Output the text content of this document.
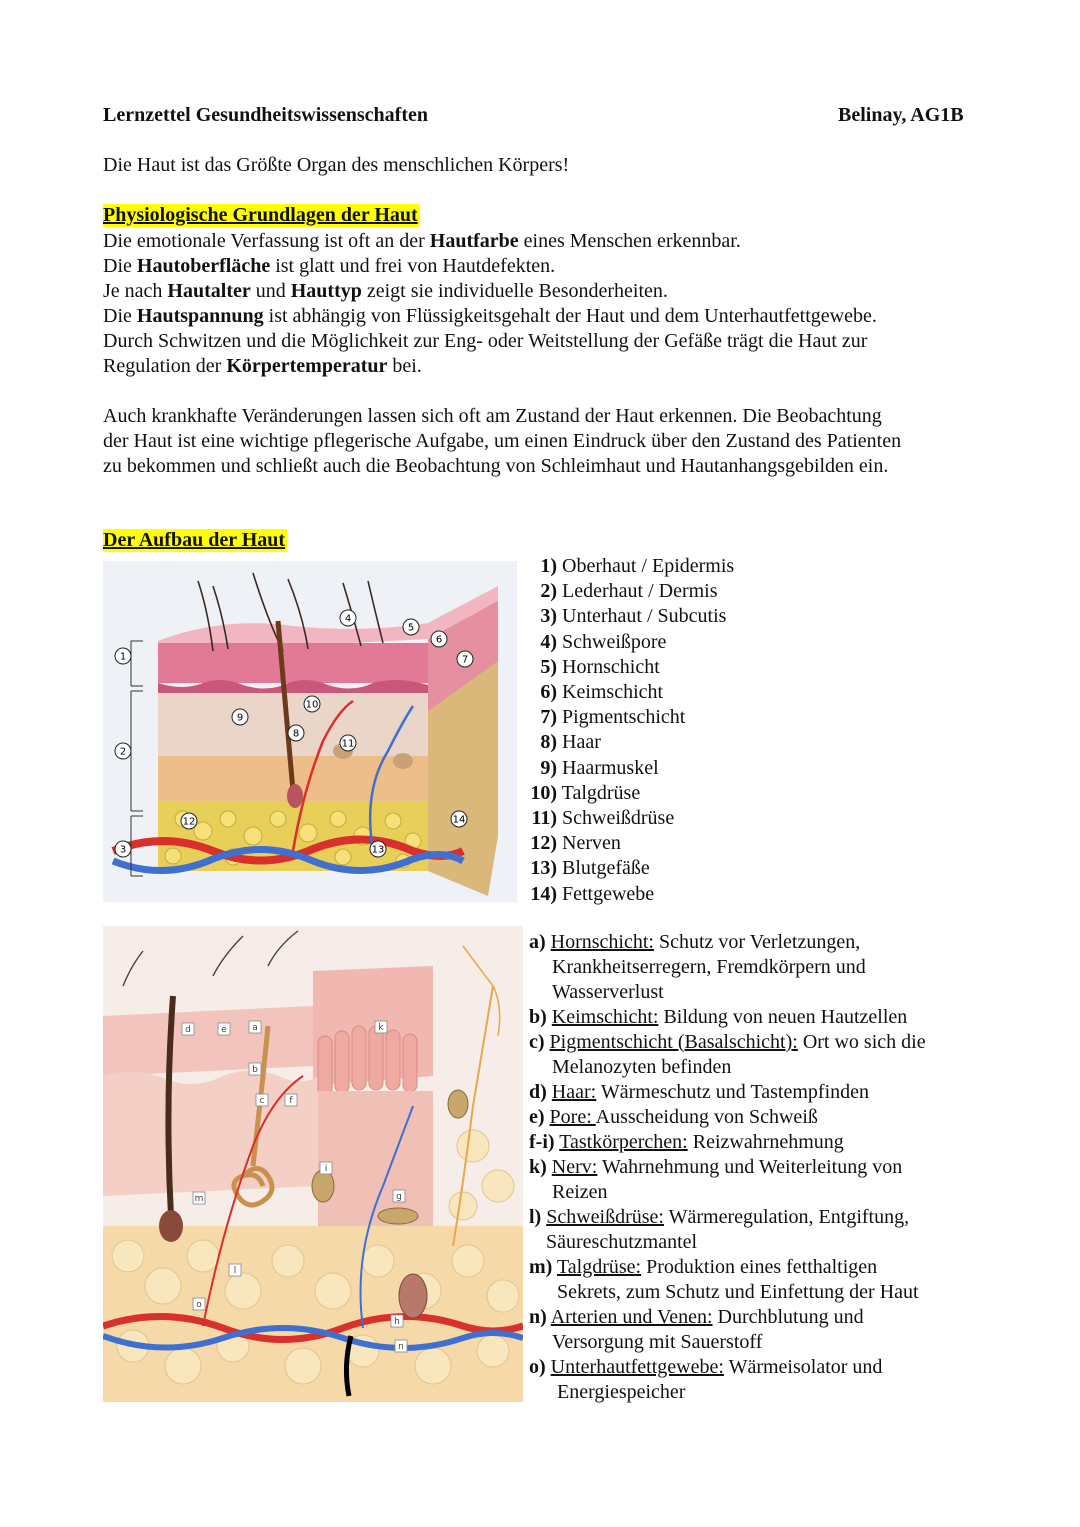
Lernzettel Gesundheitswissenschaften	Belinay, AG1B
Die Haut ist das Größte Organ des menschlichen Körpers!
Physiologische Grundlagen der Haut
Die emotionale Verfassung ist oft an der Hautfarbe eines Menschen erkennbar.
Die Hautoberfläche ist glatt und frei von Hautdefekten.
Je nach Hautalter und Hauttyp zeigt sie individuelle Besonderheiten.
Die Hautspannung ist abhängig von Flüssigkeitsgehalt der Haut und dem Unterhautfettgewebe.
Durch Schwitzen und die Möglichkeit zur Eng- oder Weitstellung der Gefäße trägt die Haut zur
Regulation der Körpertemperatur bei.
Auch krankhafte Veränderungen lassen sich oft am Zustand der Haut erkennen. Die Beobachtung
der Haut ist eine wichtige pflegerische Aufgabe, um einen Eindruck über den Zustand des Patienten
zu bekommen und schließt auch die Beobachtung von Schleimhaut und Hautanhangsgebilden ein.
Der Aufbau der Haut
1
2
3
4
5
6
7
8
9
10
11
12
13
14
1) Oberhaut / Epidermis
2) Lederhaut / Dermis
3) Unterhaut / Subcutis
4) Schweißpore
5) Hornschicht
6) Keimschicht
7) Pigmentschicht
8) Haar
9) Haarmuskel
10) Talgdrüse
11) Schweißdrüse
12) Nerven
13) Blutgefäße
14) Fettgewebe
d	e	a
b
c	f
k
i
g
m
l
o
h
n
a) Hornschicht: Schutz vor Verletzungen,
Krankheitserregern, Fremdkörpern und
Wasserverlust
b) Keimschicht: Bildung von neuen Hautzellen
c) Pigmentschicht (Basalschicht): Ort wo sich die
Melanozyten befinden
d) Haar: Wärmeschutz und Tastempfinden
e) Pore: Ausscheidung von Schweiß
f-i) Tastkörperchen: Reizwahrnehmung
k) Nerv: Wahrnehmung und Weiterleitung von
Reizen
l) Schweißdrüse: Wärmeregulation, Entgiftung,
Säureschutzmantel
m) Talgdrüse: Produktion eines fetthaltigen
Sekrets, zum Schutz und Einfettung der Haut
n) Arterien und Venen: Durchblutung und
Versorgung mit Sauerstoff
o) Unterhautfettgewebe: Wärmeisolator und
Energiespeicher
